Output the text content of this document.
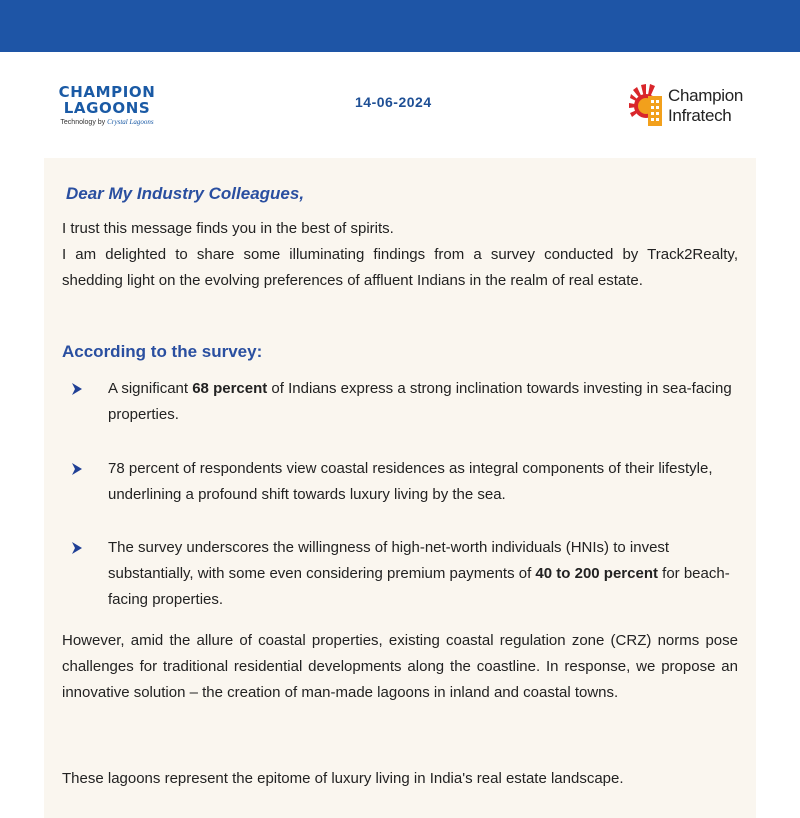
CHAMPION
LAGOONS
Technology by Crystal Lagoons
14-06-2024	Champion
Infratech
Dear My Industry Colleagues,
I trust this message finds you in the best of spirits.
I am delighted to share some illuminating findings from a survey conducted by Track2Realty, shedding light on the evolving preferences of affluent Indians in the realm of real estate.
According to the survey:
A significant 68 percent of Indians express a strong inclination towards investing in sea-facing properties.
78 percent of respondents view coastal residences as integral components of their lifestyle, underlining a profound shift towards luxury living by the sea.
The survey underscores the willingness of high-net-worth individuals (HNIs) to invest substantially, with some even considering premium payments of 40 to 200 percent for beach-facing properties.
However, amid the allure of coastal properties, existing coastal regulation zone (CRZ) norms pose challenges for traditional residential developments along the coastline. In response, we propose an innovative solution – the creation of man-made lagoons in inland and coastal towns.
These lagoons represent the epitome of luxury living in India's real estate landscape.
